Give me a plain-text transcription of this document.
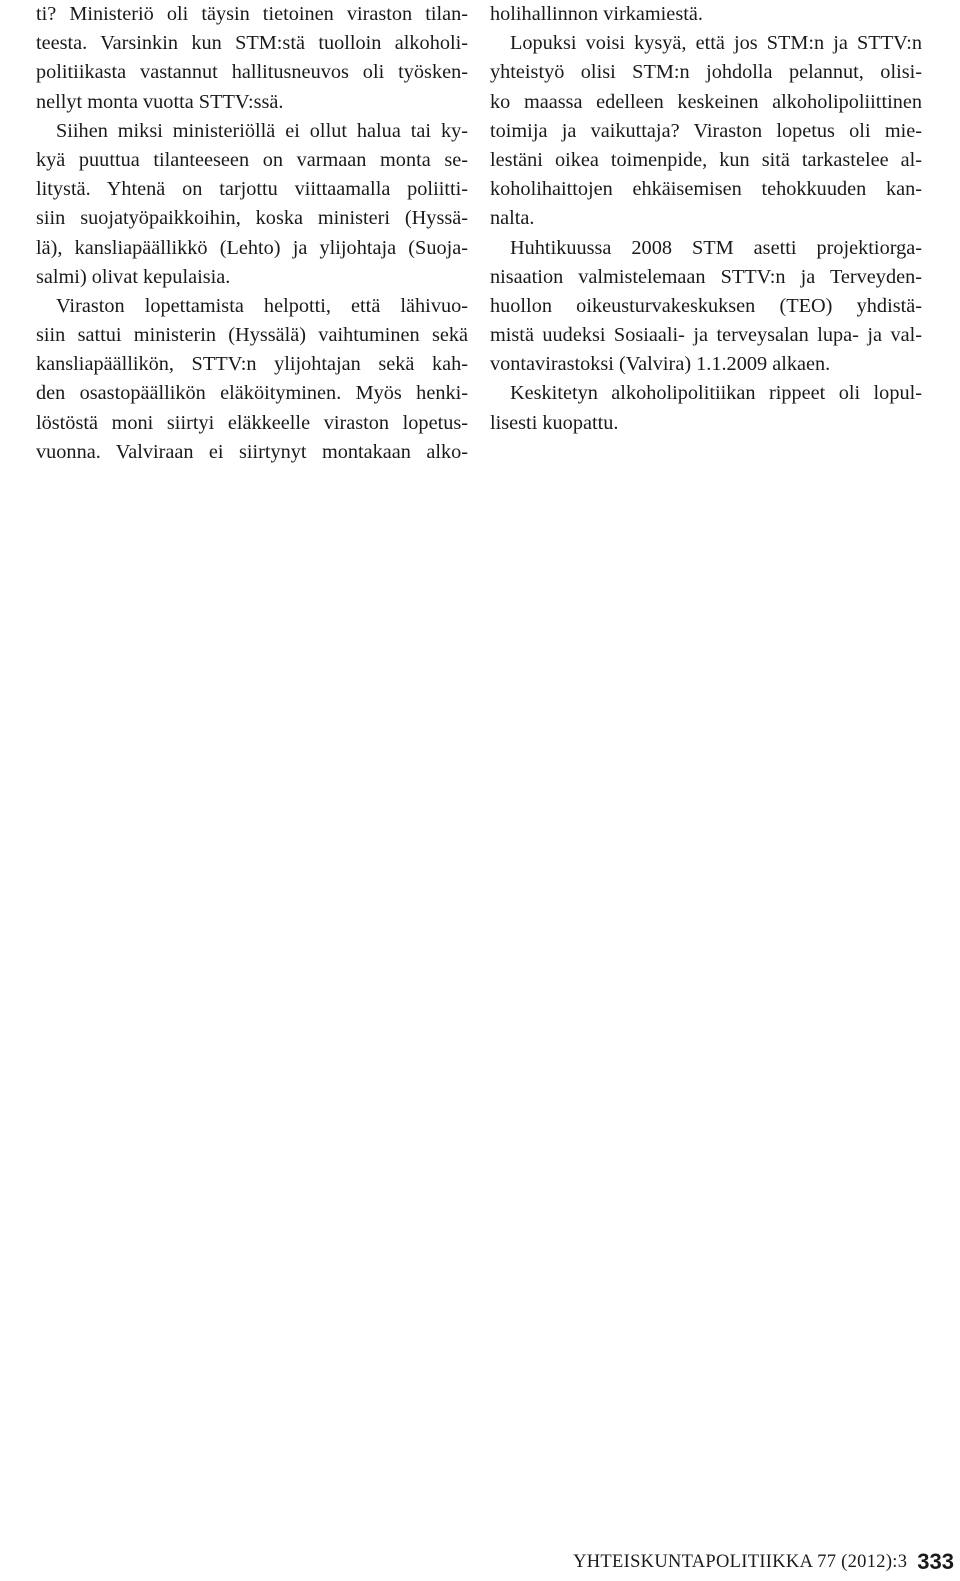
ti? Ministeriö oli täysin tietoinen viraston tilan-
teesta. Varsinkin kun STM:stä tuolloin alkoholi-
politiikasta vastannut hallitusneuvos oli työsken-
nellyt monta vuotta STTV:ssä.
Siihen miksi ministeriöllä ei ollut halua tai ky-
kyä puuttua tilanteeseen on varmaan monta se-
litystä. Yhtenä on tarjottu viittaamalla poliitti-
siin suojatyöpaikkoihin, koska ministeri (Hyssä-
lä), kansliapäällikkö (Lehto) ja ylijohtaja (Suoja-
salmi) olivat kepulaisia.
Viraston lopettamista helpotti, että lähivuo-
siin sattui ministerin (Hyssälä) vaihtuminen sekä
kansliapäällikön, STTV:n ylijohtajan sekä kah-
den osastopäällikön eläköityminen. Myös henki-
löstöstä moni siirtyi eläkkeelle viraston lopetus-
vuonna. Valviraan ei siirtynyt montakaan alko-
holihallinnon virkamiestä.
Lopuksi voisi kysyä, että jos STM:n ja STTV:n
yhteistyö olisi STM:n johdolla pelannut, olisi-
ko maassa edelleen keskeinen alkoholipoliittinen
toimija ja vaikuttaja? Viraston lopetus oli mie-
lestäni oikea toimenpide, kun sitä tarkastelee al-
koholihaittojen ehkäisemisen tehokkuuden kan-
nalta.
Huhtikuussa 2008 STM asetti projektiorga-
nisaation valmistelemaan STTV:n ja Terveyden-
huollon oikeusturvakeskuksen (TEO) yhdistä-
mistä uudeksi Sosiaali- ja terveysalan lupa- ja val-
vontavirastoksi (Valvira) 1.1.2009 alkaen.
Keskitetyn alkoholipolitiikan rippeet oli lopul-
lisesti kuopattu.
YHTEISKUNTAPOLITIIKKA 77 (2012):3 333
